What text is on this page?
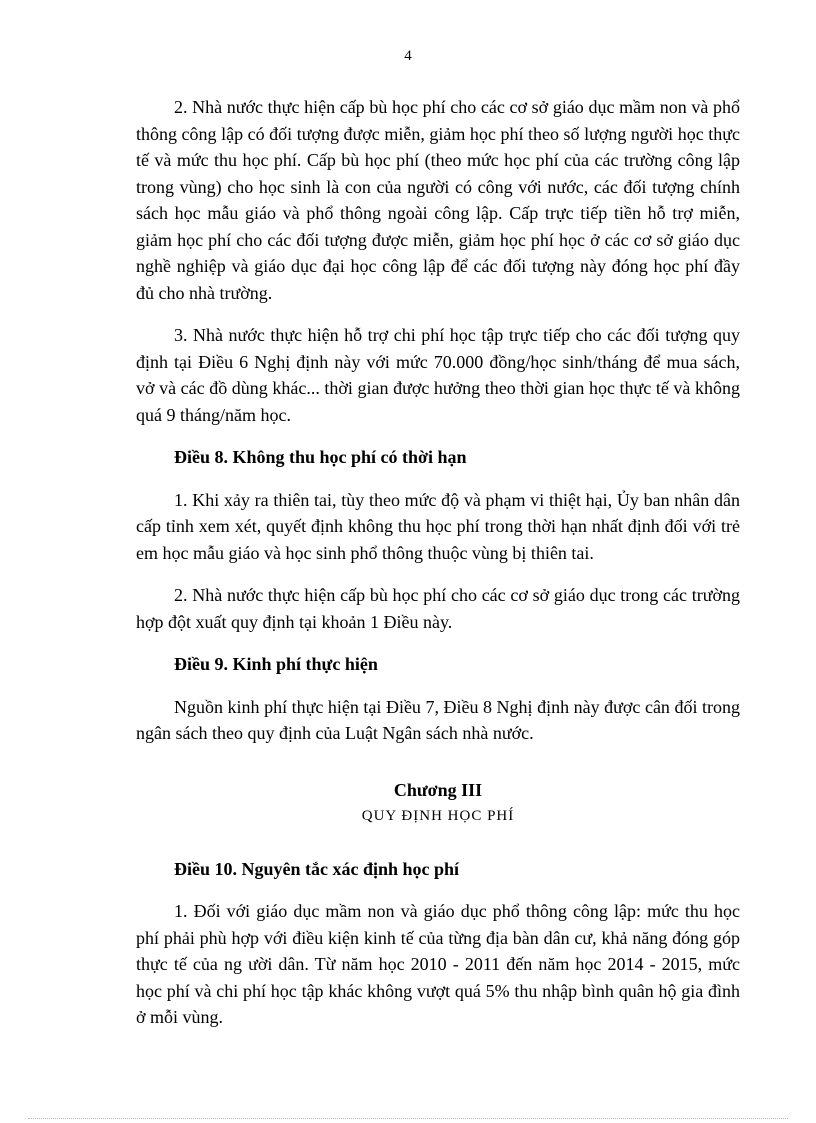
4

2. Nhà nước thực hiện cấp bù học phí cho các cơ sở giáo dục mầm non và phổ thông công lập có đối tượng được miễn, giảm học phí theo số lượng người học thực tế và mức thu học phí. Cấp bù học phí (theo mức học phí của các trường công lập trong vùng) cho học sinh là con của người có công với nước, các đối tượng chính sách học mẫu giáo và phổ thông ngoài công lập. Cấp trực tiếp tiền hỗ trợ miễn, giảm học phí cho các đối tượng được miễn, giảm học phí học ở các cơ sở giáo dục nghề nghiệp và giáo dục đại học công lập để các đối tượng này đóng học phí đầy đủ cho nhà trường.

3. Nhà nước thực hiện hỗ trợ chi phí học tập trực tiếp cho các đối tượng quy định tại Điều 6 Nghị định này với mức 70.000 đồng/học sinh/tháng để mua sách, vở và các đồ dùng khác... thời gian được hưởng theo thời gian học thực tế và không quá 9 tháng/năm học.

Điều 8. Không thu học phí có thời hạn

1. Khi xảy ra thiên tai, tùy theo mức độ và phạm vi thiệt hại, Ủy ban nhân dân cấp tỉnh xem xét, quyết định không thu học phí trong thời hạn nhất định đối với trẻ em học mẫu giáo và học sinh phổ thông thuộc vùng bị thiên tai.

2. Nhà nước thực hiện cấp bù học phí cho các cơ sở giáo dục trong các trường hợp đột xuất quy định tại khoản 1 Điều này.

Điều 9. Kinh phí thực hiện

Nguồn kinh phí thực hiện tại Điều 7, Điều 8 Nghị định này được cân đối trong ngân sách theo quy định của Luật Ngân sách nhà nước.

Chương III
QUY ĐỊNH HỌC PHÍ

Điều 10. Nguyên tắc xác định học phí

1. Đối với giáo dục mầm non và giáo dục phổ thông công lập: mức thu học phí phải phù hợp với điều kiện kinh tế của từng địa bàn dân cư, khả năng đóng góp thực tế của ng ười dân. Từ năm học 2010 - 2011 đến năm học 2014 - 2015, mức học phí và chi phí học tập khác không vượt quá 5% thu nhập bình quân hộ gia đình ở mỗi vùng.
